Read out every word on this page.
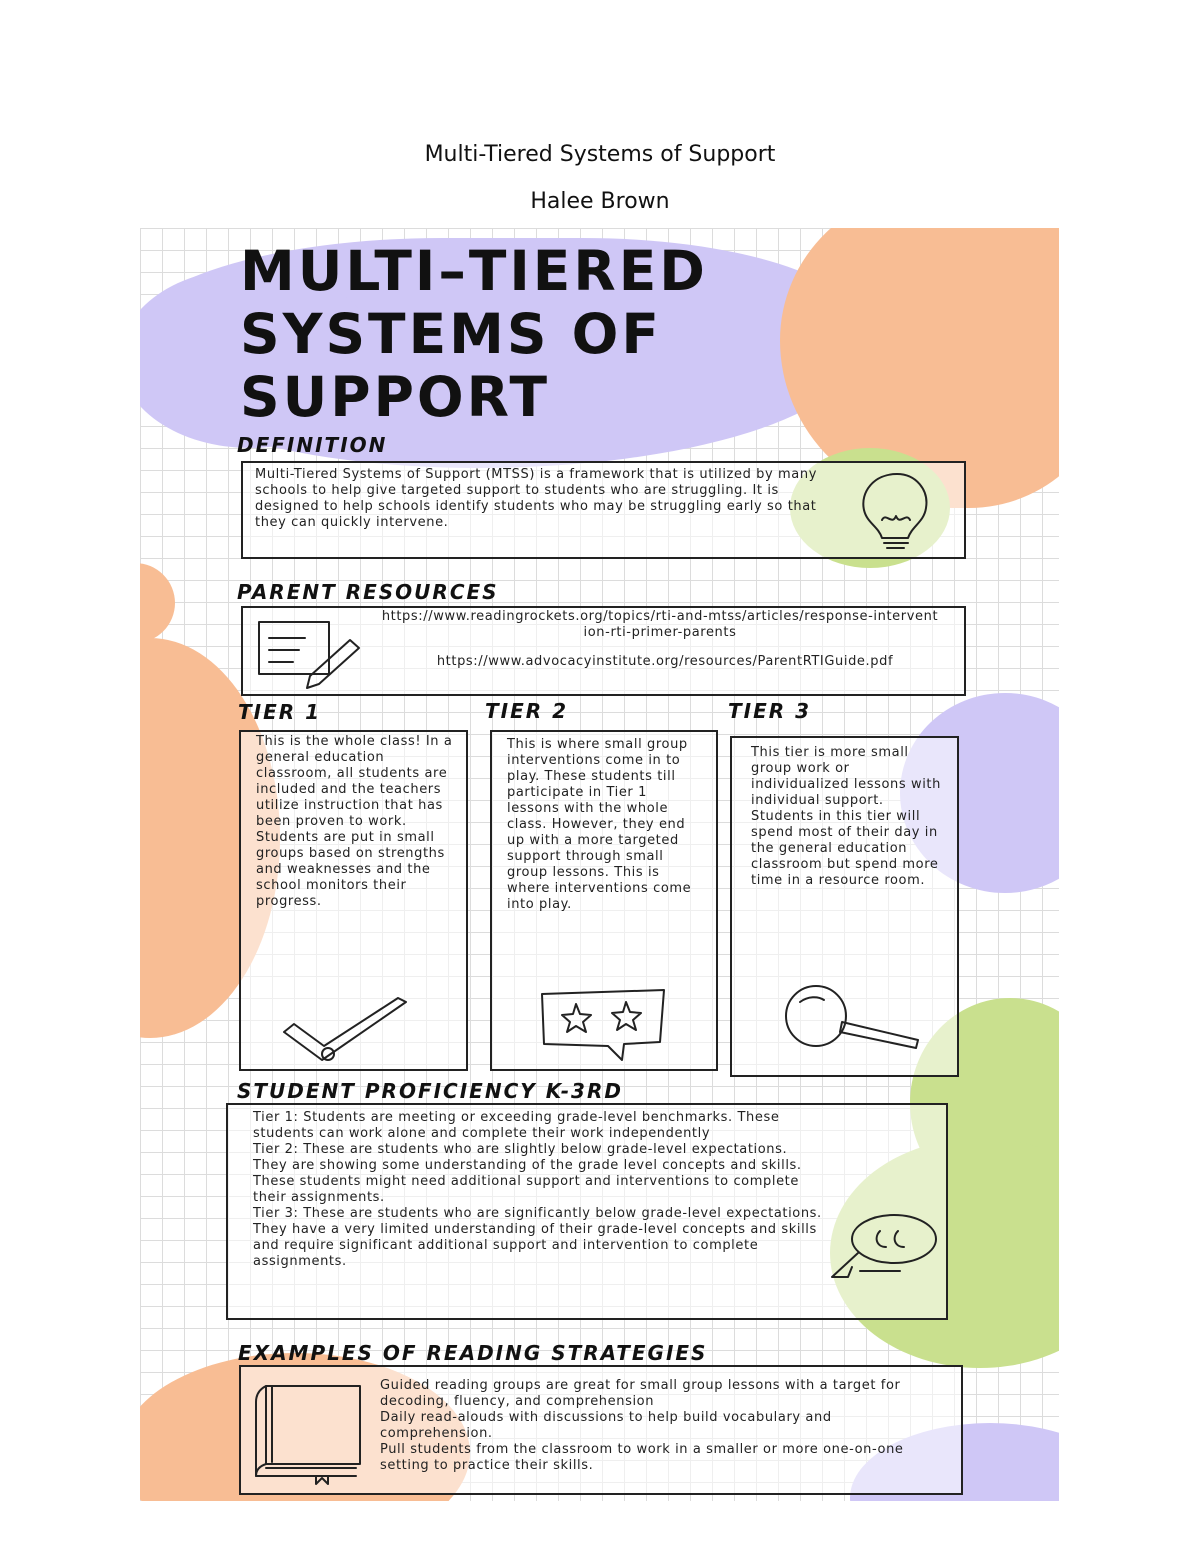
Multi-Tiered Systems of Support
Halee Brown
MULTI–TIERED
SYSTEMS OF
SUPPORT
DEFINITION
Multi-Tiered Systems of Support (MTSS) is a framework that is utilized by many schools to help give targeted support to students who are struggling. It is designed to help schools identify students who may be struggling early so that they can quickly intervene.
PARENT RESOURCES
https://www.readingrockets.org/topics/rti-and-mtss/articles/response-intervention-rti-primer-parents
https://www.advocacyinstitute.org/resources/ParentRTIGuide.pdf
TIER 1	TIER 2	TIER 3
This is the whole class! In a general education classroom, all students are included and the teachers utilize instruction that has been proven to work. Students are put in small groups based on strengths and weaknesses and the school monitors their progress.
This is where small group interventions come in to play. These students till participate in Tier 1 lessons with the whole class. However, they end up with a more targeted support through small group lessons. This is where interventions come into play.
This tier is more small group work or individualized lessons with individual support. Students in this tier will spend most of their day in the general education classroom but spend more time in a resource room.
STUDENT PROFICIENCY K-3RD

Tier 1: Students are meeting or exceeding grade-level benchmarks. These students can work alone and complete their work independently

Tier 2: These are students who are slightly below grade-level expectations. They are showing some understanding of the grade level concepts and skills. These students might need additional support and interventions to complete their assignments.

Tier 3: These are students who are significantly below grade-level expectations. They have a very limited understanding of their grade-level concepts and skills and require significant additional support and intervention to complete assignments.

EXAMPLES OF READING STRATEGIES

Guided reading groups are great for small group lessons with a target for decoding, fluency, and comprehension

Daily read-alouds with discussions to help build vocabulary and comprehension.

Pull students from the classroom to work in a smaller or more one-on-one setting to practice their skills.
